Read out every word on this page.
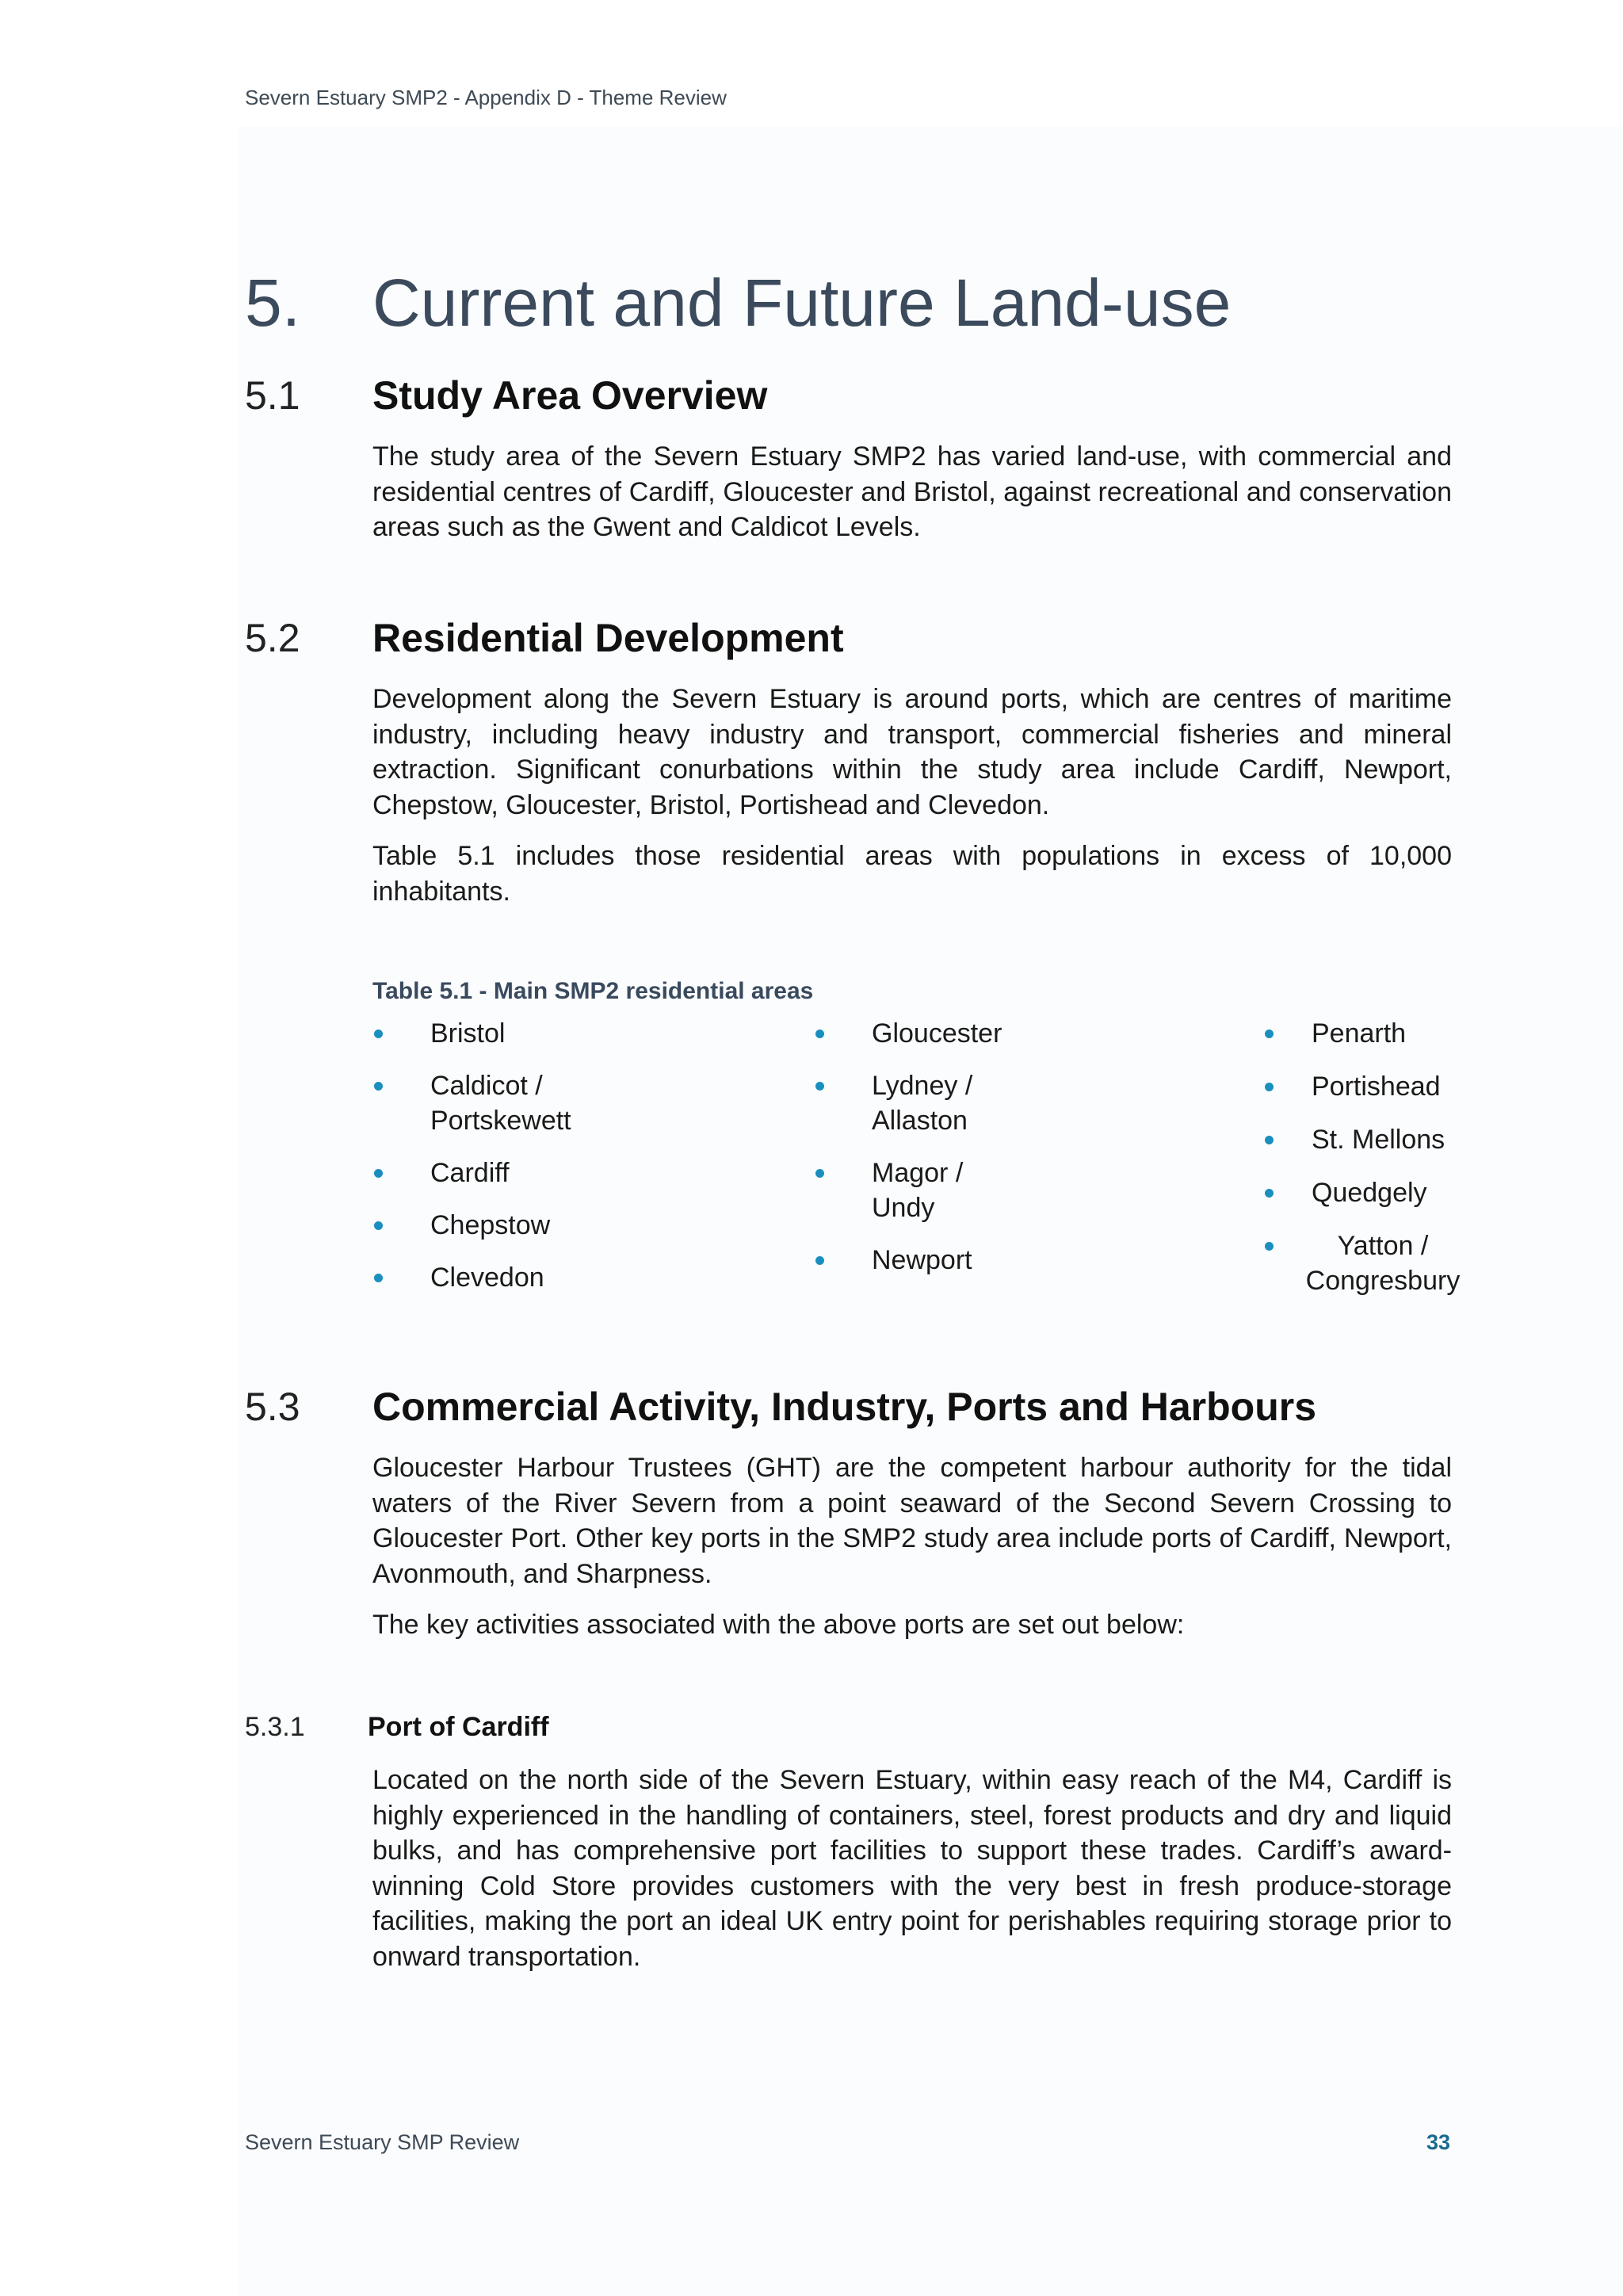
Severn Estuary SMP2 - Appendix D - Theme Review
5. Current and Future Land-use
5.1 Study Area Overview

The study area of the Severn Estuary SMP2 has varied land-use, with commercial and residential centres of Cardiff, Gloucester and Bristol, against recreational and conservation areas such as the Gwent and Caldicot Levels.

5.2 Residential Development

Development along the Severn Estuary is around ports, which are centres of maritime industry, including heavy industry and transport, commercial fisheries and mineral extraction. Significant conurbations within the study area include Cardiff, Newport, Chepstow, Gloucester, Bristol, Portishead and Clevedon.

Table 5.1 includes those residential areas with populations in excess of 10,000 inhabitants.

Table 5.1 - Main SMP2 residential areas
Bristol
Caldicot / Portskewett
Cardiff
Chepstow
Clevedon
Gloucester
Lydney / Allaston
Magor / Undy
Newport
Penarth
Portishead
St. Mellons
Quedgely
Yatton / Congresbury
5.3 Commercial Activity, Industry, Ports and Harbours

Gloucester Harbour Trustees (GHT) are the competent harbour authority for the tidal waters of the River Severn from a point seaward of the Second Severn Crossing to Gloucester Port. Other key ports in the SMP2 study area include ports of Cardiff, Newport, Avonmouth, and Sharpness.

The key activities associated with the above ports are set out below:

5.3.1 Port of Cardiff

Located on the north side of the Severn Estuary, within easy reach of the M4, Cardiff is highly experienced in the handling of containers, steel, forest products and dry and liquid bulks, and has comprehensive port facilities to support these trades. Cardiff’s award-winning Cold Store provides customers with the very best in fresh produce-storage facilities, making the port an ideal UK entry point for perishables requiring storage prior to onward transportation.

Severn Estuary SMP Review	33
